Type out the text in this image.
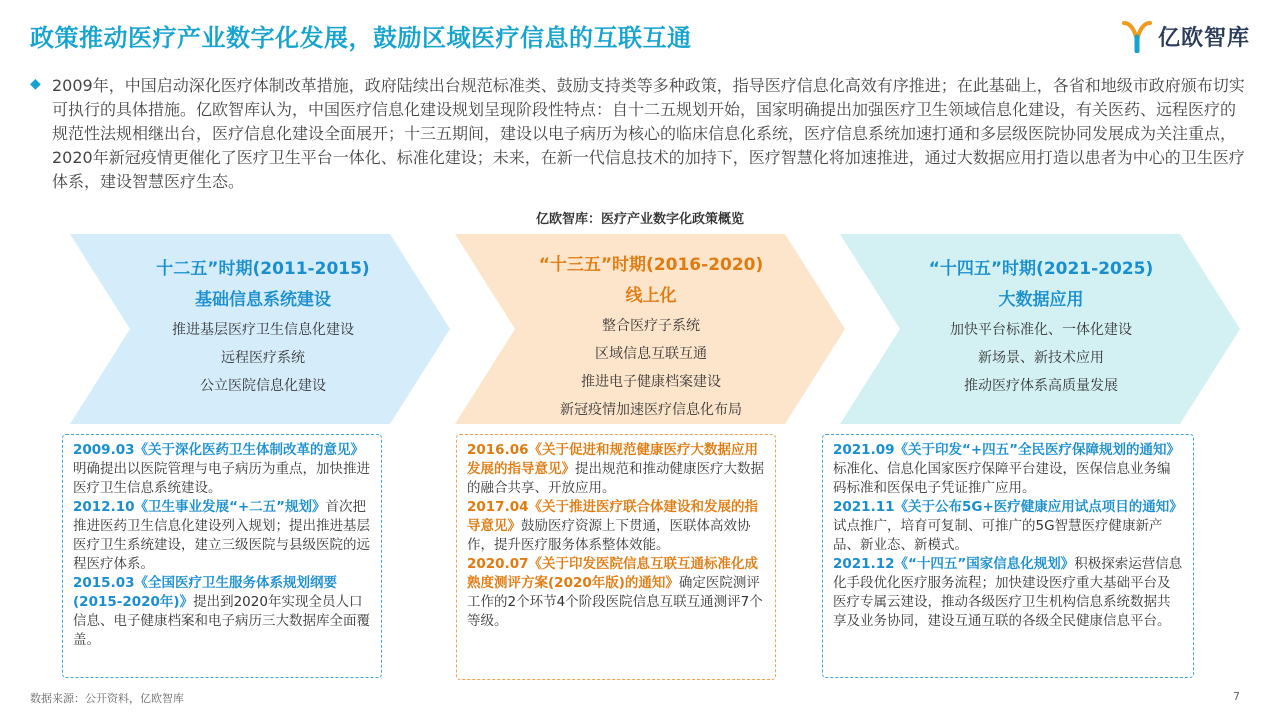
政策推动医疗产业数字化发展，鼓励区域医疗信息的互联互通	亿欧智库
◆ 2009年，中国启动深化医疗体制改革措施，政府陆续出台规范标准类、鼓励支持类等多种政策，指导医疗信息化高效有序推进；在此基础上，各省和地级市政府颁布切实可执行的具体措施。亿欧智库认为，中国医疗信息化建设规划呈现阶段性特点：自十二五规划开始，国家明确提出加强医疗卫生领域信息化建设，有关医药、远程医疗的规范性法规相继出台，医疗信息化建设全面展开；十三五期间，建设以电子病历为核心的临床信息化系统，医疗信息系统加速打通和多层级医院协同发展成为关注重点，2020年新冠疫情更催化了医疗卫生平台一体化、标准化建设；未来，在新一代信息技术的加持下，医疗智慧化将加速推进，通过大数据应用打造以患者为中心的卫生医疗体系，建设智慧医疗生态。

亿欧智库：医疗产业数字化政策概览
十二五”时期(2011-2015)
基础信息系统建设
推进基层医疗卫生信息化建设
远程医疗系统
公立医院信息化建设
“十三五”时期(2016-2020)
线上化
整合医疗子系统
区域信息互联互通
推进电子健康档案建设
新冠疫情加速医疗信息化布局
“十四五”时期(2021-2025)
大数据应用
加快平台标准化、一体化建设
新场景、新技术应用
推动医疗体系高质量发展

2009.03《关于深化医药卫生体制改革的意见》明确提出以医院管理与电子病历为重点，加快推进医疗卫生信息系统建设。

2012.10《卫生事业发展“+二五”规划》首次把推进医药卫生信息化建设列入规划；提出推进基层医疗卫生系统建设，建立三级医院与县级医院的远程医疗体系。

2015.03《全国医疗卫生服务体系规划纲要(2015-2020年)》提出到2020年实现全员人口信息、电子健康档案和电子病历三大数据库全面覆盖。

2016.06《关于促进和规范健康医疗大数据应用发展的指导意见》提出规范和推动健康医疗大数据的融合共享、开放应用。

2017.04《关于推进医疗联合体建设和发展的指导意见》鼓励医疗资源上下贯通，医联体高效协作，提升医疗服务体系整体效能。

2020.07《关于印发医院信息互联互通标准化成熟度测评方案(2020年版)的通知》确定医院测评工作的2个环节4个阶段医院信息互联互通测评7个等级。

2021.09《关于印发“+四五”全民医疗保障规划的通知》标准化、信息化国家医疗保障平台建设，医保信息业务编码标准和医保电子凭证推广应用。

2021.11《关于公布5G+医疗健康应用试点项目的通知》试点推广，培育可复制、可推广的5G智慧医疗健康新产品、新业态、新模式。

2021.12《“十四五”国家信息化规划》积极探索运营信息化手段优化医疗服务流程；加快建设医疗重大基础平台及医疗专属云建设，推动各级医疗卫生机构信息系统数据共享及业务协同，建设互通互联的各级全民健康信息平台。

数据来源：公开资料，亿欧智库	7
